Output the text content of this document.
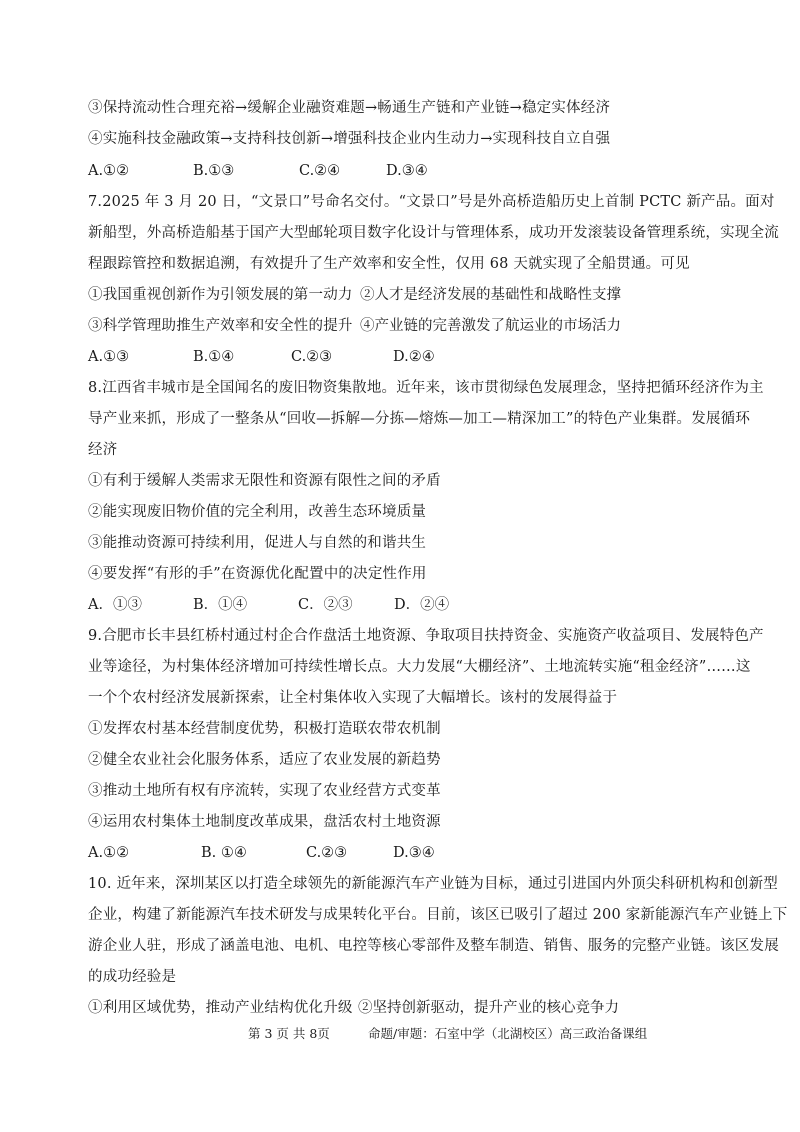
③保持流动性合理充裕→缓解企业融资难题→畅通生产链和产业链→稳定实体经济
④实施科技金融政策→支持科技创新→增强科技企业内生动力→实现科技自立自强
A.①②	B.①③	C.②④	D.③④
7.2025 年 3 月 20 日，“文景口”号命名交付。“文景口”号是外高桥造船历史上首制 PCTC 新产品。面对
新船型，外高桥造船基于国产大型邮轮项目数字化设计与管理体系，成功开发滚装设备管理系统，实现全流
程跟踪管控和数据追溯，有效提升了生产效率和安全性，仅用 68 天就实现了全船贯通。可见
①我国重视创新作为引领发展的第一动力 ②人才是经济发展的基础性和战略性支撑
③科学管理助推生产效率和安全性的提升 ④产业链的完善激发了航运业的市场活力
A.①③	B.①④	C.②③	D.②④
8.江西省丰城市是全国闻名的废旧物资集散地。近年来，该市贯彻绿色发展理念，坚持把循环经济作为主
导产业来抓，形成了一整条从“回收—拆解—分拣—熔炼—加工—精深加工”的特色产业集群。发展循环
经济
①有利于缓解人类需求无限性和资源有限性之间的矛盾
②能实现废旧物价值的完全利用，改善生态环境质量
③能推动资源可持续利用，促进人与自然的和谐共生
④要发挥“有形的手”在资源优化配置中的决定性作用
A．①③	B．①④	C．②③	D．②④
9.合肥市长丰县红桥村通过村企合作盘活土地资源、争取项目扶持资金、实施资产收益项目、发展特色产
业等途径，为村集体经济增加可持续性增长点。大力发展“大棚经济”、土地流转实施“租金经济”……这
一个个农村经济发展新探索，让全村集体收入实现了大幅增长。该村的发展得益于
①发挥农村基本经营制度优势，积极打造联农带农机制
②健全农业社会化服务体系，适应了农业发展的新趋势
③推动土地所有权有序流转，实现了农业经营方式变革
④运用农村集体土地制度改革成果，盘活农村土地资源
A.①②	B. ①④	C.②③	D.③④
10. 近年来，深圳某区以打造全球领先的新能源汽车产业链为目标，通过引进国内外顶尖科研机构和创新型
企业，构建了新能源汽车技术研发与成果转化平台。目前，该区已吸引了超过 200 家新能源汽车产业链上下
游企业人驻，形成了涵盖电池、电机、电控等核心零部件及整车制造、销售、服务的完整产业链。该区发展
的成功经验是
①利用区域优势，推动产业结构优化升级 ②坚持创新驱动，提升产业的核心竞争力
第 3 页 共 8页	命题/审题：石室中学（北湖校区）高三政治备课组
